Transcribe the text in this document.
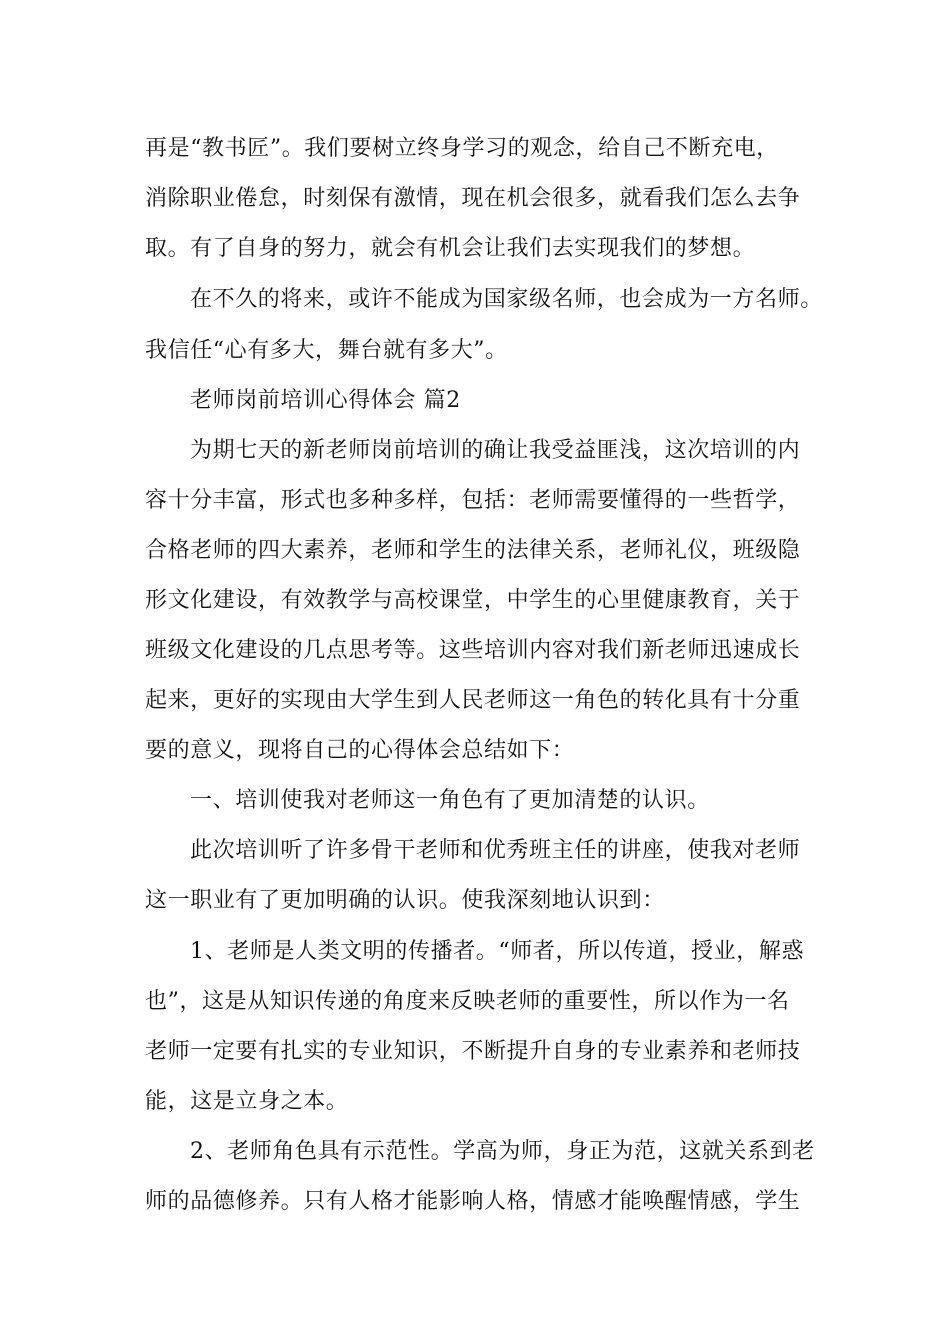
再是“教书匠”。我们要树立终身学习的观念，给自己不断充电，
消除职业倦怠，时刻保有激情，现在机会很多，就看我们怎么去争
取。有了自身的努力，就会有机会让我们去实现我们的梦想。
在不久的将来，或许不能成为国家级名师，也会成为一方名师。
我信任“心有多大，舞台就有多大”。
老师岗前培训心得体会 篇2
为期七天的新老师岗前培训的确让我受益匪浅，这次培训的内
容十分丰富，形式也多种多样，包括：老师需要懂得的一些哲学，
合格老师的四大素养，老师和学生的法律关系，老师礼仪，班级隐
形文化建设，有效教学与高校课堂，中学生的心里健康教育，关于
班级文化建设的几点思考等。这些培训内容对我们新老师迅速成长
起来，更好的实现由大学生到人民老师这一角色的转化具有十分重
要的意义，现将自己的心得体会总结如下：
一、培训使我对老师这一角色有了更加清楚的认识。
此次培训听了许多骨干老师和优秀班主任的讲座，使我对老师
这一职业有了更加明确的认识。使我深刻地认识到：
1、老师是人类文明的传播者。“师者，所以传道，授业，解惑
也”，这是从知识传递的角度来反映老师的重要性，所以作为一名
老师一定要有扎实的专业知识，不断提升自身的专业素养和老师技
能，这是立身之本。
2、老师角色具有示范性。学高为师，身正为范，这就关系到老
师的品德修养。只有人格才能影响人格，情感才能唤醒情感，学生
